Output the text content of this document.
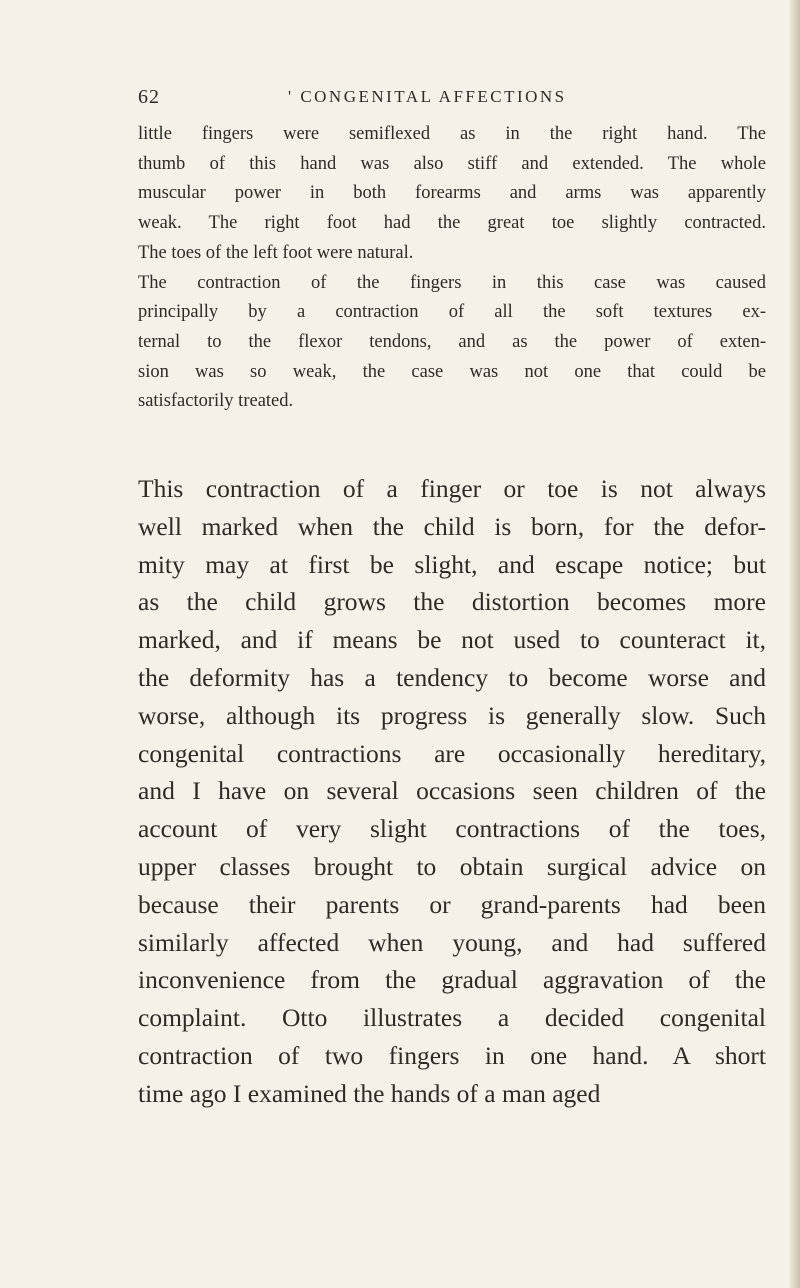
62	' CONGENITAL AFFECTIONS

little fingers were semiflexed as in the right hand. The
thumb of this hand was also stiff and extended. The whole
muscular power in both forearms and arms was apparently
weak. The right foot had the great toe slightly contracted.
The toes of the left foot were natural.

The contraction of the fingers in this case was caused
principally by a contraction of all the soft textures ex-
ternal to the flexor tendons, and as the power of exten-
sion was so weak, the case was not one that could be
satisfactorily treated.

This contraction of a finger or toe is not always
well marked when the child is born, for the defor-
mity may at first be slight, and escape notice; but
as the child grows the distortion becomes more
marked, and if means be not used to counteract it,
the deformity has a tendency to become worse and
worse, although its progress is generally slow. Such
congenital contractions are occasionally hereditary,
and I have on several occasions seen children of the
account of very slight contractions of the toes,
upper classes brought to obtain surgical advice on
because their parents or grand-parents had been
similarly affected when young, and had suffered
inconvenience from the gradual aggravation of the
complaint. Otto illustrates a decided congenital
contraction of two fingers in one hand. A short
time ago I examined the hands of a man aged
